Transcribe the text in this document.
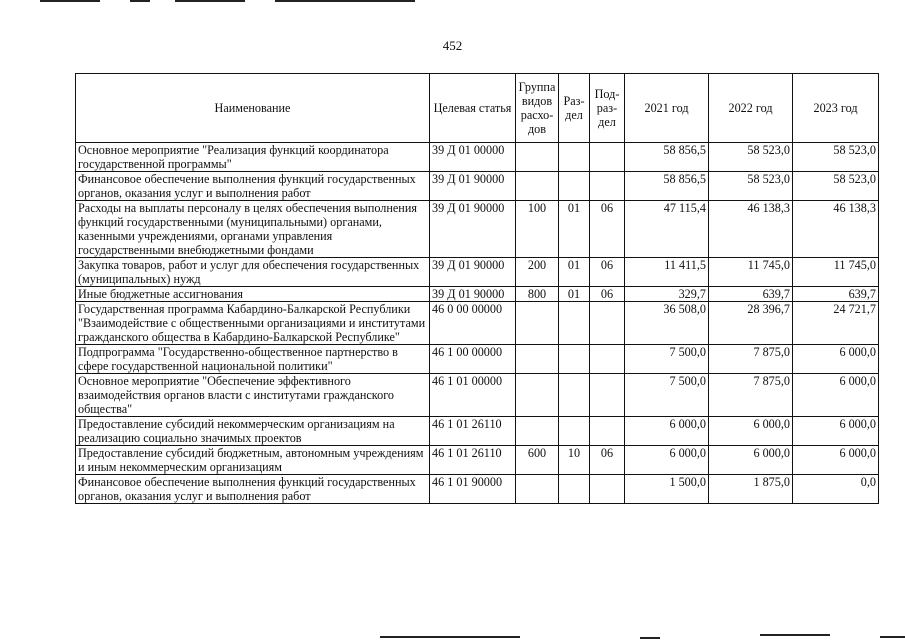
452
Наименование	Целевая статья	Группа видов расхо-дов	Раз-дел	Под-раз-дел	2021 год	2022 год	2023 год
Основное мероприятие "Реализация функций координатора государственной программы"	39 Д 01 00000				58 856,5	58 523,0	58 523,0
Финансовое обеспечение выполнения функций государственных органов, оказания услуг и выполнения работ	39 Д 01 90000				58 856,5	58 523,0	58 523,0
Расходы на выплаты персоналу в целях обеспечения выполнения функций государственными (муниципальными) органами, казенными учреждениями, органами управления государственными внебюджетными фондами	39 Д 01 90000	100	01	06	47 115,4	46 138,3	46 138,3
Закупка товаров, работ и услуг для обеспечения государственных (муниципальных) нужд	39 Д 01 90000	200	01	06	11 411,5	11 745,0	11 745,0
Иные бюджетные ассигнования	39 Д 01 90000	800	01	06	329,7	639,7	639,7
Государственная программа Кабардино-Балкарской Республики "Взаимодействие с общественными организациями и институтами гражданского общества в Кабардино-Балкарской Республике"	46 0 00 00000				36 508,0	28 396,7	24 721,7
Подпрограмма "Государственно-общественное партнерство в сфере государственной национальной политики"	46 1 00 00000				7 500,0	7 875,0	6 000,0
Основное мероприятие "Обеспечение эффективного взаимодействия органов власти с институтами гражданского общества"	46 1 01 00000				7 500,0	7 875,0	6 000,0
Предоставление субсидий некоммерческим организациям на реализацию социально значимых проектов	46 1 01 26110				6 000,0	6 000,0	6 000,0
Предоставление субсидий бюджетным, автономным учреждениям и иным некоммерческим организациям	46 1 01 26110	600	10	06	6 000,0	6 000,0	6 000,0
Финансовое обеспечение выполнения функций государственных органов, оказания услуг и выполнения работ	46 1 01 90000				1 500,0	1 875,0	0,0
